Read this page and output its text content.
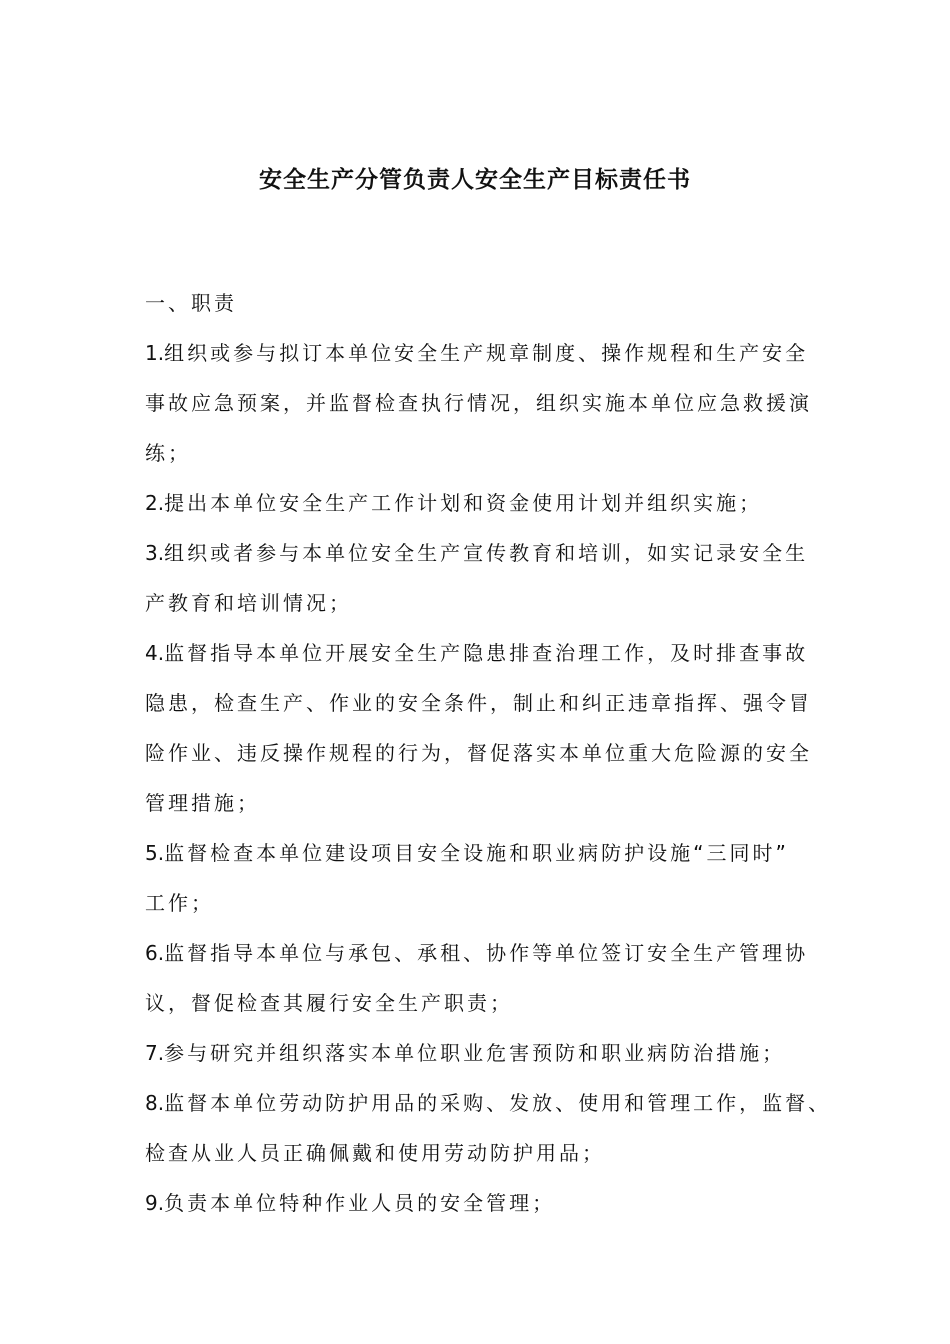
安全生产分管负责人安全生产目标责任书
一、职责
1.组织或参与拟订本单位安全生产规章制度、操作规程和生产安全
事故应急预案，并监督检查执行情况，组织实施本单位应急救援演
练；
2.提出本单位安全生产工作计划和资金使用计划并组织实施；
3.组织或者参与本单位安全生产宣传教育和培训，如实记录安全生
产教育和培训情况；
4.监督指导本单位开展安全生产隐患排查治理工作，及时排查事故
隐患，检查生产、作业的安全条件，制止和纠正违章指挥、强令冒
险作业、违反操作规程的行为，督促落实本单位重大危险源的安全
管理措施；
5.监督检查本单位建设项目安全设施和职业病防护设施“三同时”
工作；
6.监督指导本单位与承包、承租、协作等单位签订安全生产管理协
议，督促检查其履行安全生产职责；
7.参与研究并组织落实本单位职业危害预防和职业病防治措施；
8.监督本单位劳动防护用品的采购、发放、使用和管理工作，监督、
检查从业人员正确佩戴和使用劳动防护用品；
9.负责本单位特种作业人员的安全管理；
